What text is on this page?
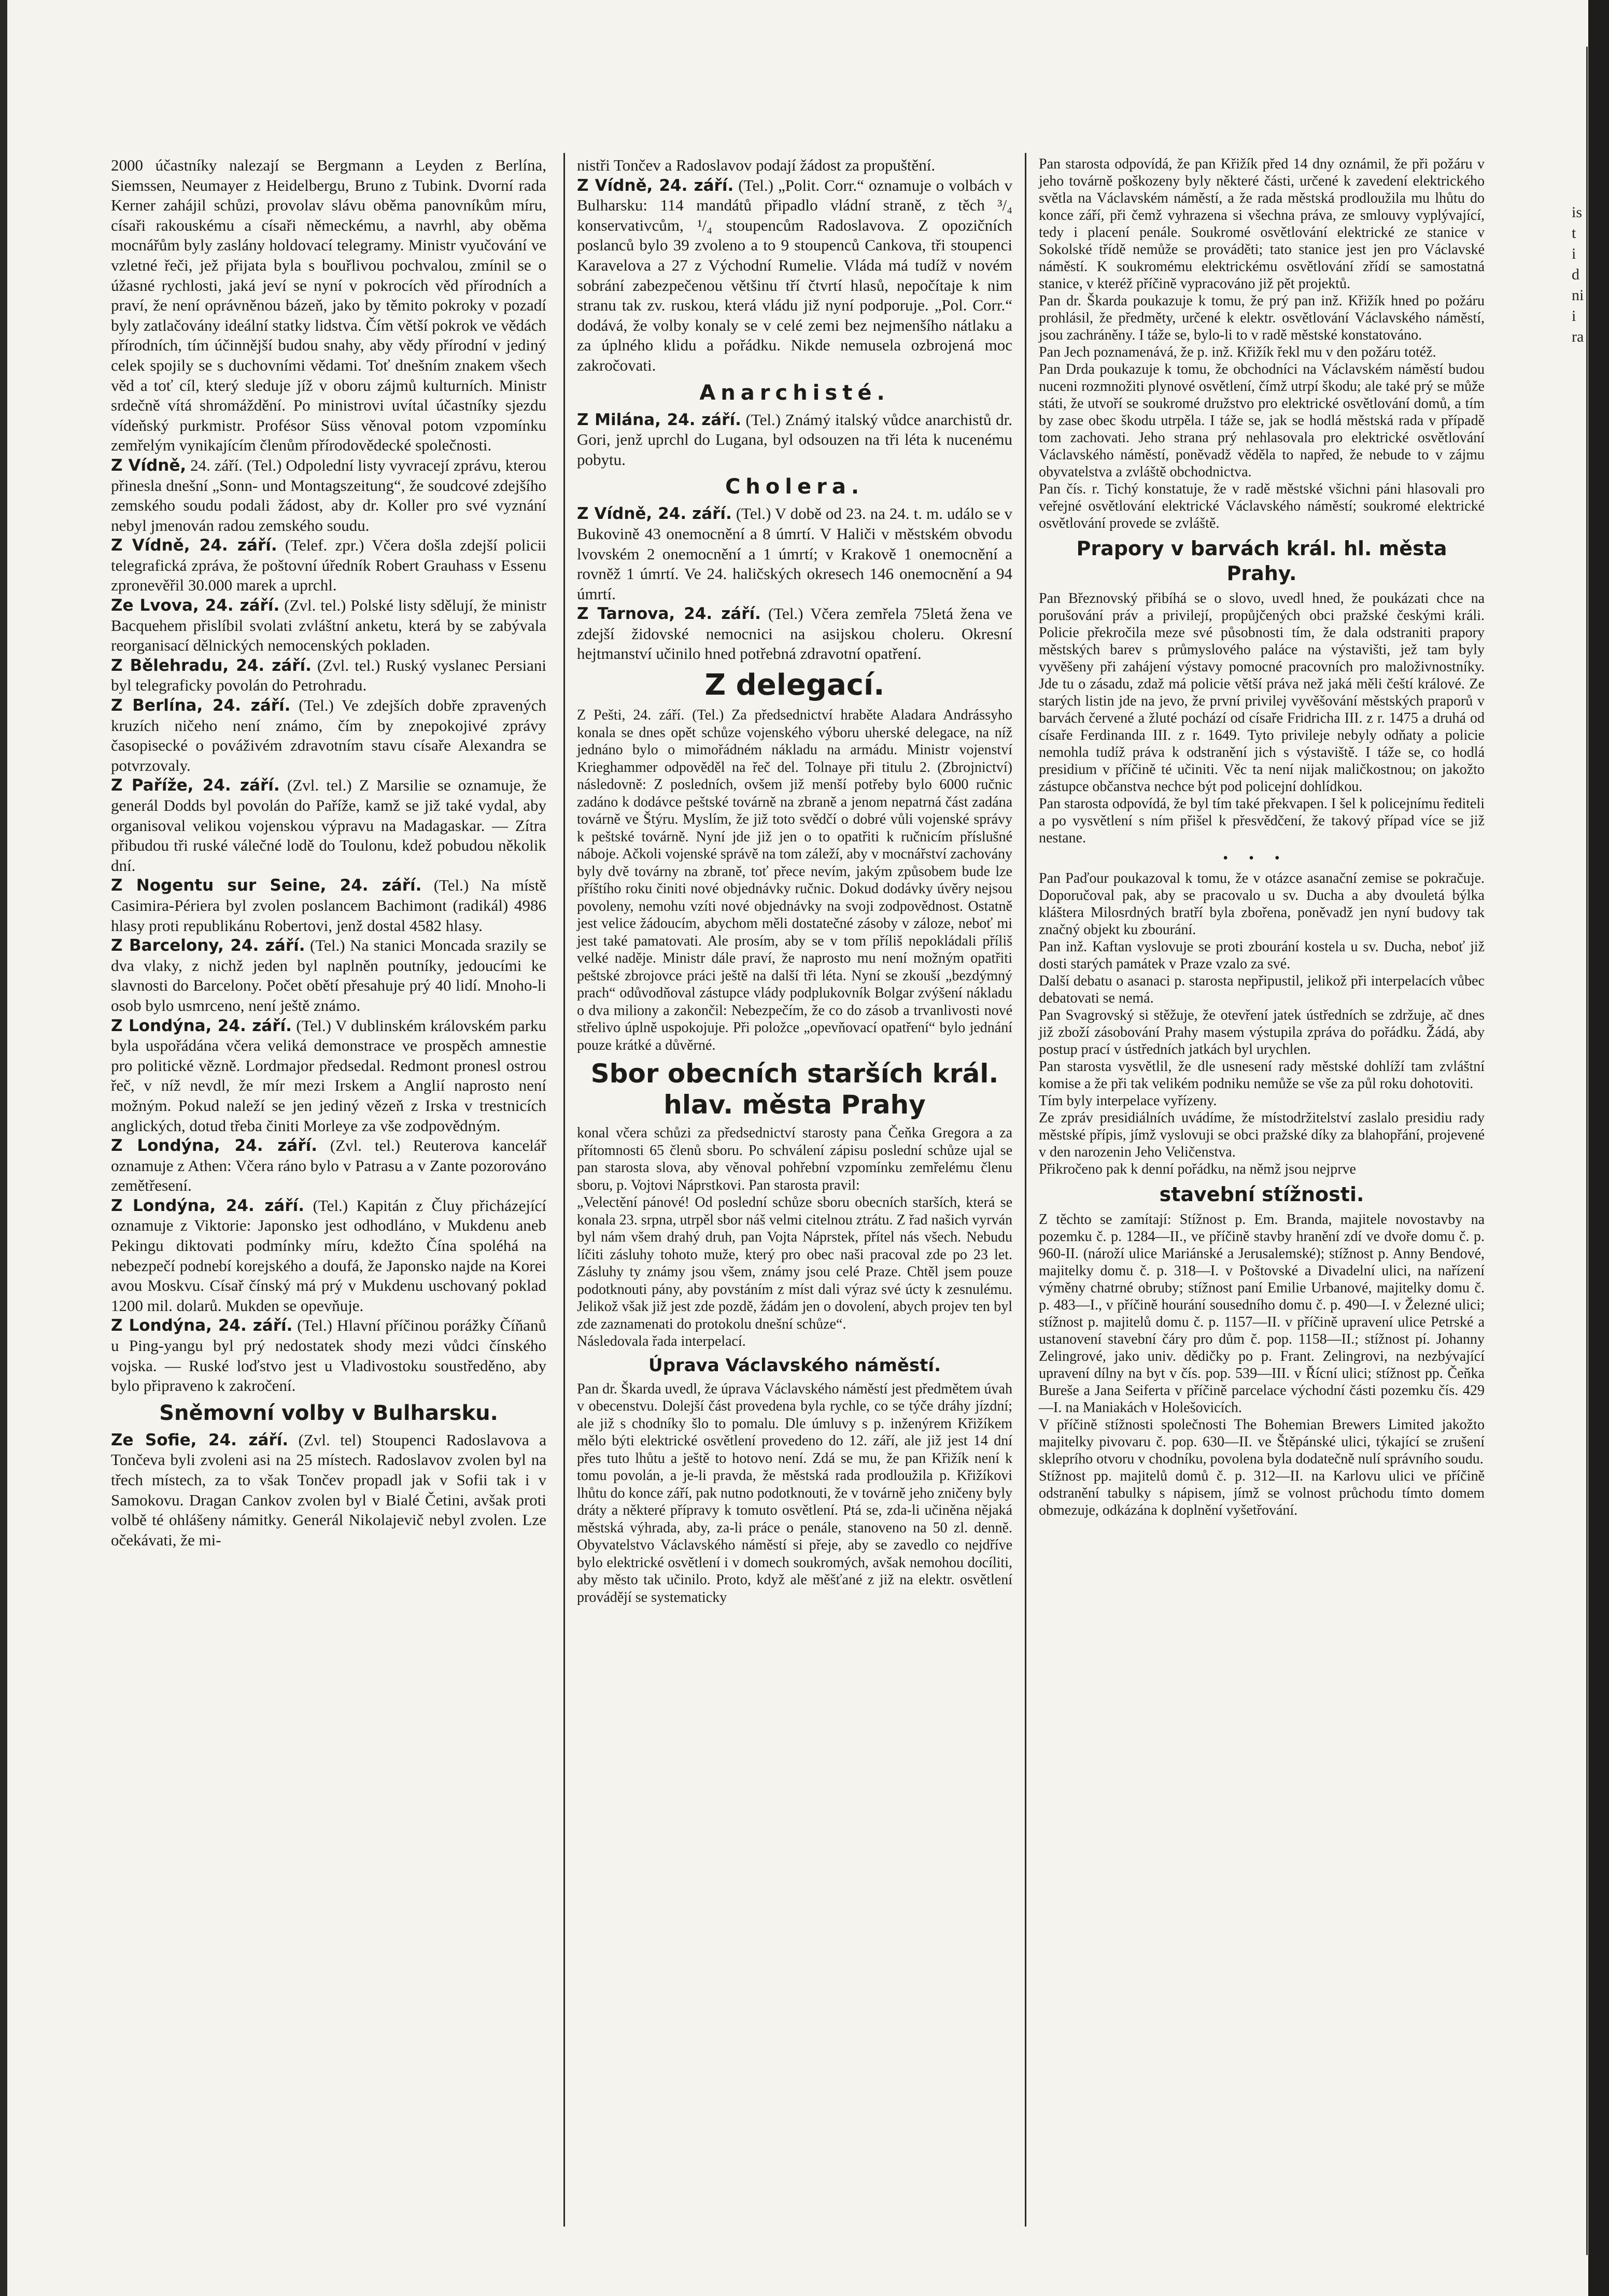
is
t
i
d
ni
i
ra

2000 účastníky nalezají se Bergmann a Leyden z Berlína, Siemssen, Neumayer z Heidelbergu, Bruno z Tubink. Dvorní rada Kerner zahájil schůzi, provolav slávu oběma panovníkům míru, císaři rakouskému a císaři německému, a navrhl, aby oběma mocnářům byly zaslány holdovací telegramy. Ministr vyučování ve vzletné řeči, jež přijata byla s bouřlivou pochvalou, zmínil se o úžasné rychlosti, jaká jeví se nyní v pokrocích věd přírodních a praví, že není oprávněnou bázeň, jako by těmito pokroky v pozadí byly zatlačovány ideální statky lidstva. Čím větší pokrok ve vědách přírodních, tím účinnější budou snahy, aby vědy přírodní v jediný celek spojily se s duchovními vědami. Toť dnešním znakem všech věd a toť cíl, který sleduje jíž v oboru zájmů kulturních. Ministr srdečně vítá shromáždění. Po ministrovi uvítal účastníky sjezdu vídeňský purkmistr. Profésor Süss věnoval potom vzpomínku zemřelým vynikajícím členům přírodovědecké společnosti.

Z Vídně, 24. září. (Tel.) Odpolední listy vyvracejí zprávu, kterou přinesla dnešní „Sonn- und Montagszeitung“, že soudcové zdejšího zemského soudu podali žádost, aby dr. Koller pro své vyznání nebyl jmenován radou zemského soudu.

Z Vídně, 24. září. (Telef. zpr.) Včera došla zdejší policii telegrafická zpráva, že poštovní úředník Robert Grauhass v Essenu zpronevěřil 30.000 marek a uprchl.

Ze Lvova, 24. září. (Zvl. tel.) Polské listy sdělují, že ministr Bacquehem přislíbil svolati zvláštní anketu, která by se zabývala reorganisací dělnických nemocenských pokladen.

Z Bělehradu, 24. září. (Zvl. tel.) Ruský vyslanec Persiani byl telegraficky povolán do Petrohradu.

Z Berlína, 24. září. (Tel.) Ve zdejších dobře zpravených kruzích ničeho není známo, čím by znepokojivé zprávy časopisecké o pováživém zdravotním stavu císaře Alexandra se potvrzovaly.

Z Paříže, 24. září. (Zvl. tel.) Z Marsilie se oznamuje, že generál Dodds byl povolán do Paříže, kamž se již také vydal, aby organisoval velikou vojenskou výpravu na Madagaskar. — Zítra přibudou tři ruské válečné lodě do Toulonu, kdež pobudou několik dní.

Z Nogentu sur Seine, 24. září. (Tel.) Na místě Casimira-Périera byl zvolen poslancem Bachimont (radikál) 4986 hlasy proti republikánu Robertovi, jenž dostal 4582 hlasy.

Z Barcelony, 24. září. (Tel.) Na stanici Moncada srazily se dva vlaky, z nichž jeden byl naplněn poutníky, jedoucími ke slavnosti do Barcelony. Počet obětí přesahuje prý 40 lidí. Mnoho-li osob bylo usmrceno, není ještě známo.

Z Londýna, 24. září. (Tel.) V dublinském královském parku byla uspořádána včera veliká demonstrace ve prospěch amnestie pro politické vězně. Lordmajor předsedal. Redmont pronesl ostrou řeč, v níž nevdl, že mír mezi Irskem a Anglií naprosto není možným. Pokud naleží se jen jediný vězeň z Irska v trestnicích anglických, dotud třeba činiti Morleye za vše zodpovědným.

Z Londýna, 24. září. (Zvl. tel.) Reuterova kancelář oznamuje z Athen: Včera ráno bylo v Patrasu a v Zante pozorováno zemětřesení.

Z Londýna, 24. září. (Tel.) Kapitán z Čluy přicházející oznamuje z Viktorie: Japonsko jest odhodláno, v Mukdenu aneb Pekingu diktovati podmínky míru, kdežto Čína spoléhá na nebezpečí podnebí korejského a doufá, že Japonsko najde na Korei avou Moskvu. Císař čínský má prý v Mukdenu uschovaný poklad 1200 mil. dolarů. Mukden se opevňuje.

Z Londýna, 24. září. (Tel.) Hlavní příčinou porážky Číňanů u Ping-yangu byl prý nedostatek shody mezi vůdci čínského vojska. — Ruské loďstvo jest u Vladivostoku soustředěno, aby bylo připraveno k zakročení.

Sněmovní volby v Bulharsku.

Ze Sofie, 24. září. (Zvl. tel) Stoupenci Radoslavova a Tončeva byli zvoleni asi na 25 místech. Radoslavov zvolen byl na třech místech, za to však Tončev propadl jak v Sofii tak i v Samokovu. Dragan Cankov zvolen byl v Bialé Četini, avšak proti volbě té ohlášeny námitky. Generál Nikolajevič nebyl zvolen. Lze očekávati, že mi-

nistři Tončev a Radoslavov podají žádost za propuštění.

Z Vídně, 24. září. (Tel.) „Polit. Corr.“ oznamuje o volbách v Bulharsku: 114 mandátů připadlo vládní straně, z těch ³/₄ konservativcům, ¹/₄ stoupencům Radoslavova. Z opozičních poslanců bylo 39 zvoleno a to 9 stoupenců Cankova, tři stoupenci Karavelova a 27 z Východní Rumelie. Vláda má tudíž v novém sobrání zabezpečenou většinu tří čtvrtí hlasů, nepočítaje k nim stranu tak zv. ruskou, která vládu již nyní podporuje. „Pol. Corr.“ dodává, že volby konaly se v celé zemi bez nejmenšího nátlaku a za úplného klidu a pořádku. Nikde nemusela ozbrojená moc zakročovati.

Anarchisté.

Z Milána, 24. září. (Tel.) Známý italský vůdce anarchistů dr. Gori, jenž uprchl do Lugana, byl odsouzen na tři léta k nucenému pobytu.

Cholera.

Z Vídně, 24. září. (Tel.) V době od 23. na 24. t. m. událo se v Bukovině 43 onemocnění a 8 úmrtí. V Haliči v městském obvodu lvovském 2 onemocnění a 1 úmrtí; v Krakově 1 onemocnění a rovněž 1 úmrtí. Ve 24. haličských okresech 146 onemocnění a 94 úmrtí.

Z Tarnova, 24. září. (Tel.) Včera zemřela 75letá žena ve zdejší židovské nemocnici na asijskou choleru. Okresní hejtmanství učinilo hned potřebná zdravotní opatření.

Z delegací.

Z Pešti, 24. září. (Tel.) Za předsednictví hraběte Aladara Andrássyho konala se dnes opět schůze vojenského výboru uherské delegace, na níž jednáno bylo o mimořádném nákladu na armádu. Ministr vojenství Krieghammer odpověděl na řeč del. Tolnaye při titulu 2. (Zbrojnictví) následovně: Z posledních, ovšem již menší potřeby bylo 6000 ručnic zadáno k dodávce peštské továrně na zbraně a jenom nepatrná část zadána továrně ve Štýru. Myslím, že již toto svědčí o dobré vůli vojenské správy k peštské továrně. Nyní jde již jen o to opatřiti k ručnicím příslušné náboje. Ačkoli vojenské správě na tom záleží, aby v mocnářství zachovány byly dvě továrny na zbraně, toť přece nevím, jakým způsobem bude lze příštího roku činiti nové objednávky ručnic. Dokud dodávky úvěry nejsou povoleny, nemohu vzíti nové objednávky na svoji zodpovědnost. Ostatně jest velice žádoucím, abychom měli dostatečné zásoby v záloze, neboť mi jest také pamatovati. Ale prosím, aby se v tom příliš nepokládali příliš velké naděje. Ministr dále praví, že naprosto mu není možným opatřiti peštské zbrojovce práci ještě na další tři léta. Nyní se zkouší „bezdýmný prach“ odůvodňoval zástupce vlády podplukovník Bolgar zvýšení nákladu o dva miliony a zakončil: Nebezpečím, že co do zásob a trvanlivosti nové střelivo úplně uspokojuje. Při položce „opevňovací opatření“ bylo jednání pouze krátké a důvěrné.

Sbor obecních starších král. hlav. města Prahy

konal včera schůzi za předsednictví starosty pana Čeňka Gregora a za přítomnosti 65 členů sboru. Po schválení zápisu poslední schůze ujal se pan starosta slova, aby věnoval pohřební vzpomínku zemřelému členu sboru, p. Vojtovi Náprstkovi. Pan starosta pravil:

„Velectění pánové! Od poslední schůze sboru obecních starších, která se konala 23. srpna, utrpěl sbor náš velmi citelnou ztrátu. Z řad našich vyrván byl nám všem drahý druh, pan Vojta Náprstek, přítel nás všech. Nebudu líčiti zásluhy tohoto muže, který pro obec naši pracoval zde po 23 let. Zásluhy ty známy jsou všem, známy jsou celé Praze. Chtěl jsem pouze podotknouti pány, aby povstáním z míst dali výraz své úcty k zesnulému. Jelikož však již jest zde pozdě, žádám jen o dovolení, abych projev ten byl zde zaznamenati do protokolu dnešní schůze“.

Následovala řada interpelací.

Úprava Václavského náměstí.

Pan dr. Škarda uvedl, že úprava Václavského náměstí jest předmětem úvah v obecenstvu. Dolejší část provedena byla rychle, co se týče dráhy jízdní; ale již s chodníky šlo to pomalu. Dle úmluvy s p. inženýrem Křižíkem mělo býti elektrické osvětlení provedeno do 12. září, ale již jest 14 dní přes tuto lhůtu a ještě to hotovo není. Zdá se mu, že pan Křižík není k tomu povolán, a je-li pravda, že městská rada prodloužila p. Křižíkovi lhůtu do konce září, pak nutno podotknouti, že v továrně jeho zničeny byly dráty a některé přípravy k tomuto osvětlení. Ptá se, zda-li učiněna nějaká městská výhrada, aby, za-li práce o penále, stanoveno na 50 zl. denně. Obyvatelstvo Václavského náměstí si přeje, aby se zavedlo co nejdříve bylo elektrické osvětlení i v domech soukromých, avšak nemohou docíliti, aby město tak učinilo. Proto, když ale měšťané z již na elektr. osvětlení provádějí se systematicky

Pan starosta odpovídá, že pan Křižík před 14 dny oznámil, že při požáru v jeho továrně poškozeny byly některé části, určené k zavedení elektrického světla na Václavském náměstí, a že rada městská prodloužila mu lhůtu do konce září, při čemž vyhrazena si všechna práva, ze smlouvy vyplývající, tedy i placení penále. Soukromé osvětlování elektrické ze stanice v Sokolské třídě nemůže se prováděti; tato stanice jest jen pro Václavské náměstí. K soukromému elektrickému osvětlování zřídí se samostatná stanice, v kteréž příčině vypracováno již pět projektů.

Pan dr. Škarda poukazuje k tomu, že prý pan inž. Křižík hned po požáru prohlásil, že předměty, určené k elektr. osvětlování Václavského náměstí, jsou zachráněny. I táže se, bylo-li to v radě městské konstatováno.

Pan Jech poznamenává, že p. inž. Křižík řekl mu v den požáru totéž.

Pan Drda poukazuje k tomu, že obchodníci na Václavském náměstí budou nuceni rozmnožiti plynové osvětlení, čímž utrpí škodu; ale také prý se může státi, že utvoří se soukromé družstvo pro elektrické osvětlování domů, a tím by zase obec škodu utrpěla. I táže se, jak se hodlá městská rada v případě tom zachovati. Jeho strana prý nehlasovala pro elektrické osvětlování Václavského náměstí, poněvadž věděla to napřed, že nebude to v zájmu obyvatelstva a zvláště obchodnictva.

Pan čís. r. Tichý konstatuje, že v radě městské všichni páni hlasovali pro veřejné osvětlování elektrické Václavského náměstí; soukromé elektrické osvětlování provede se zvláště.

Prapory v barvách král. hl. města Prahy.

Pan Březnovský přibíhá se o slovo, uvedl hned, že poukázati chce na porušování práv a privilejí, propůjčených obci pražské českými králi. Policie překročila meze své působnosti tím, že dala odstraniti prapory městských barev s průmyslového paláce na výstavišti, jež tam byly vyvěšeny při zahájení výstavy pomocné pracovních pro maloživnostníky. Jde tu o zásadu, zdaž má policie větší práva než jaká měli čeští králové. Ze starých listin jde na jevo, že první privilej vyvěšování městských praporů v barvách červené a žluté pochází od císaře Fridricha III. z r. 1475 a druhá od císaře Ferdinanda III. z r. 1649. Tyto privileje nebyly odňaty a policie nemohla tudíž práva k odstranění jich s výstaviště. I táže se, co hodlá presidium v příčině té učiniti. Věc ta není nijak maličkostnou; on jakožto zástupce občanstva nechce být pod policejní dohlídkou.

Pan starosta odpovídá, že byl tím také překvapen. I šel k policejnímu řediteli a po vysvětlení s ním přišel k přesvědčení, že takový případ více se již nestane.

•••

Pan Paďour poukazoval k tomu, že v otázce asanační zemise se pokračuje. Doporučoval pak, aby se pracovalo u sv. Ducha a aby dvouletá býlka kláštera Milosrdných bratří byla zbořena, poněvadž jen nyní budovy tak značný objekt ku zbourání.

Pan inž. Kaftan vyslovuje se proti zbourání kostela u sv. Ducha, neboť již dosti starých památek v Praze vzalo za své.

Další debatu o asanaci p. starosta nepřipustil, jelikož při interpelacích vůbec debatovati se nemá.

Pan Svagrovský si stěžuje, že otevření jatek ústředních se zdržuje, ač dnes již zboží zásobování Prahy masem výstupila zpráva do pořádku. Žádá, aby postup prací v ústředních jatkách byl urychlen.

Pan starosta vysvětlil, že dle usnesení rady městské dohlíží tam zvláštní komise a že při tak velikém podniku nemůže se vše za půl roku dohotoviti.

Tím byly interpelace vyřízeny.

Ze zpráv presidiálních uvádíme, že místodržitelství zaslalo presidiu rady městské přípis, jímž vyslovuji se obci pražské díky za blahopřání, projevené v den narozenin Jeho Veličenstva.

Přikročeno pak k denní pořádku, na němž jsou nejprve

stavební stížnosti.

Z těchto se zamítají: Stížnost p. Em. Branda, majitele novostavby na pozemku č. p. 1284—II., ve příčině stavby hranění zdí ve dvoře domu č. p. 960-II. (nároží ulice Mariánské a Jerusalemské); stížnost p. Anny Bendové, majitelky domu č. p. 318—I. v Poštovské a Divadelní ulici, na nařízení výměny chatrné obruby; stížnost paní Emilie Urbanové, majitelky domu č. p. 483—I., v příčině hourání sousedního domu č. p. 490—I. v Železné ulici; stížnost p. majitelů domu č. p. 1157—II. v příčině upravení ulice Petrské a ustanovení stavební čáry pro dům č. pop. 1158—II.; stížnost pí. Johanny Zelingrové, jako univ. dědičky po p. Frant. Zelingrovi, na nezbývající upravení dílny na byt v čís. pop. 539—III. v Řícní ulici; stížnost pp. Čeňka Bureše a Jana Seiferta v příčině parcelace východní části pozemku čís. 429—I. na Maniakách v Holešovicích.

V příčině stížnosti společnosti The Bohemian Brewers Limited jakožto majitelky pivovaru č. pop. 630—II. ve Štěpánské ulici, týkající se zrušení skleprího otvoru v chodníku, povolena byla dodatečně nulí správního soudu.

Stížnost pp. majitelů domů č. p. 312—II. na Karlovu ulici ve příčině odstranění tabulky s nápisem, jímž se volnost průchodu tímto domem obmezuje, odkázána k doplnění vyšetřování.
